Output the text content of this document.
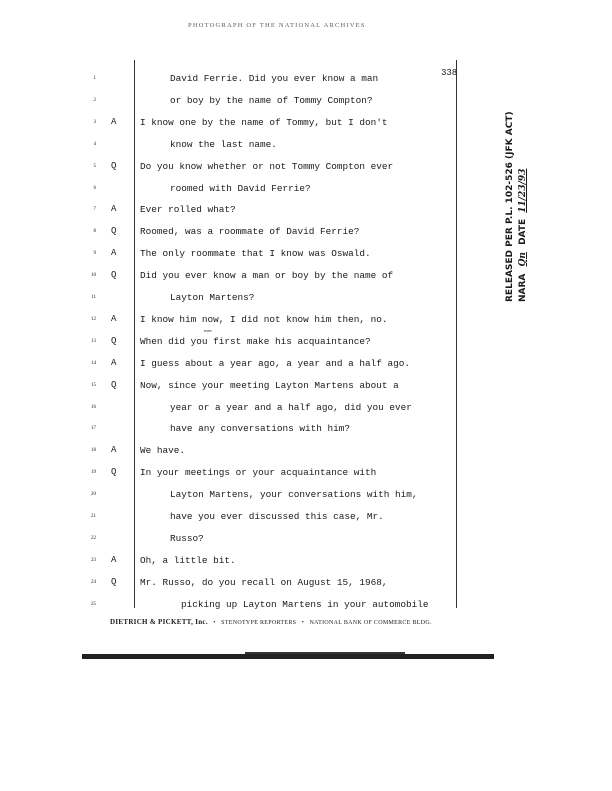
PHOTOGRAPH OF THE NATIONAL ARCHIVES
338
1	David Ferrie. Did you ever know a man
2	or boy by the name of Tommy Compton?
3 A	I know one by the name of Tommy, but I don't
4	know the last name.
5 Q	Do you know whether or not Tommy Compton ever
6	roomed with David Ferrie?
7 A	Ever rolled what?
8 Q	Roomed, was a roommate of David Ferrie?
9 A	The only roommate that I know was Oswald.
10 Q	Did you ever know a man or boy by the name of
11	Layton Martens?
12 A	I know him now, I did not know him then, no.
13 Q	When did you first make his acquaintance?
14 A	I guess about a year ago, a year and a half ago.
15 Q	Now, since your meeting Layton Martens about a
16	year or a year and a half ago, did you ever
17	have any conversations with him?
18 A	We have.
19 Q	In your meetings or your acquaintance with
20	Layton Martens, your conversations with him,
21	have you ever discussed this case, Mr.
22	Russo?
23 A	Oh, a little bit.
24 Q	Mr. Russo, do you recall on August 15, 1968,
25	picking up Layton Martens in your automobile
ever
DIETRICH & PICKETT, Inc.   •   STENOTYPE REPORTERS   •   NATIONAL BANK OF COMMERCE BLDG.
RELEASED PER P.L. 102-526 (JFK ACT) NARA Qn DATE 11/23/93
